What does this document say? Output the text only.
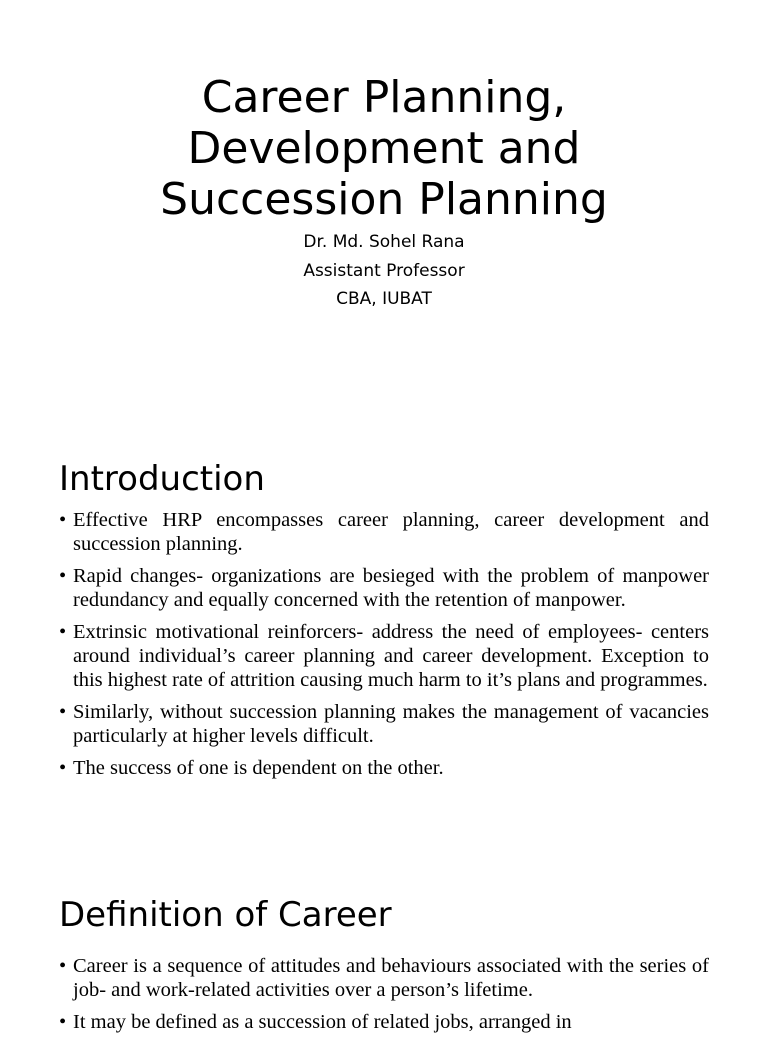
Career Planning,
Development and
Succession Planning
Dr. Md. Sohel Rana
Assistant Professor
CBA, IUBAT
Introduction
• Effective HRP encompasses career planning, career development and succession planning.
• Rapid changes- organizations are besieged with the problem of manpower redundancy and equally concerned with the retention of manpower.
• Extrinsic motivational reinforcers- address the need of employees- centers around individual’s career planning and career development. Exception to this highest rate of attrition causing much harm to it’s plans and programmes.
• Similarly, without succession planning makes the management of vacancies particularly at higher levels difficult.
• The success of one is dependent on the other.
Definition of Career
• Career is a sequence of attitudes and behaviours associated with the series of job- and work-related activities over a person’s lifetime.
• It may be defined as a succession of related jobs, arranged in
